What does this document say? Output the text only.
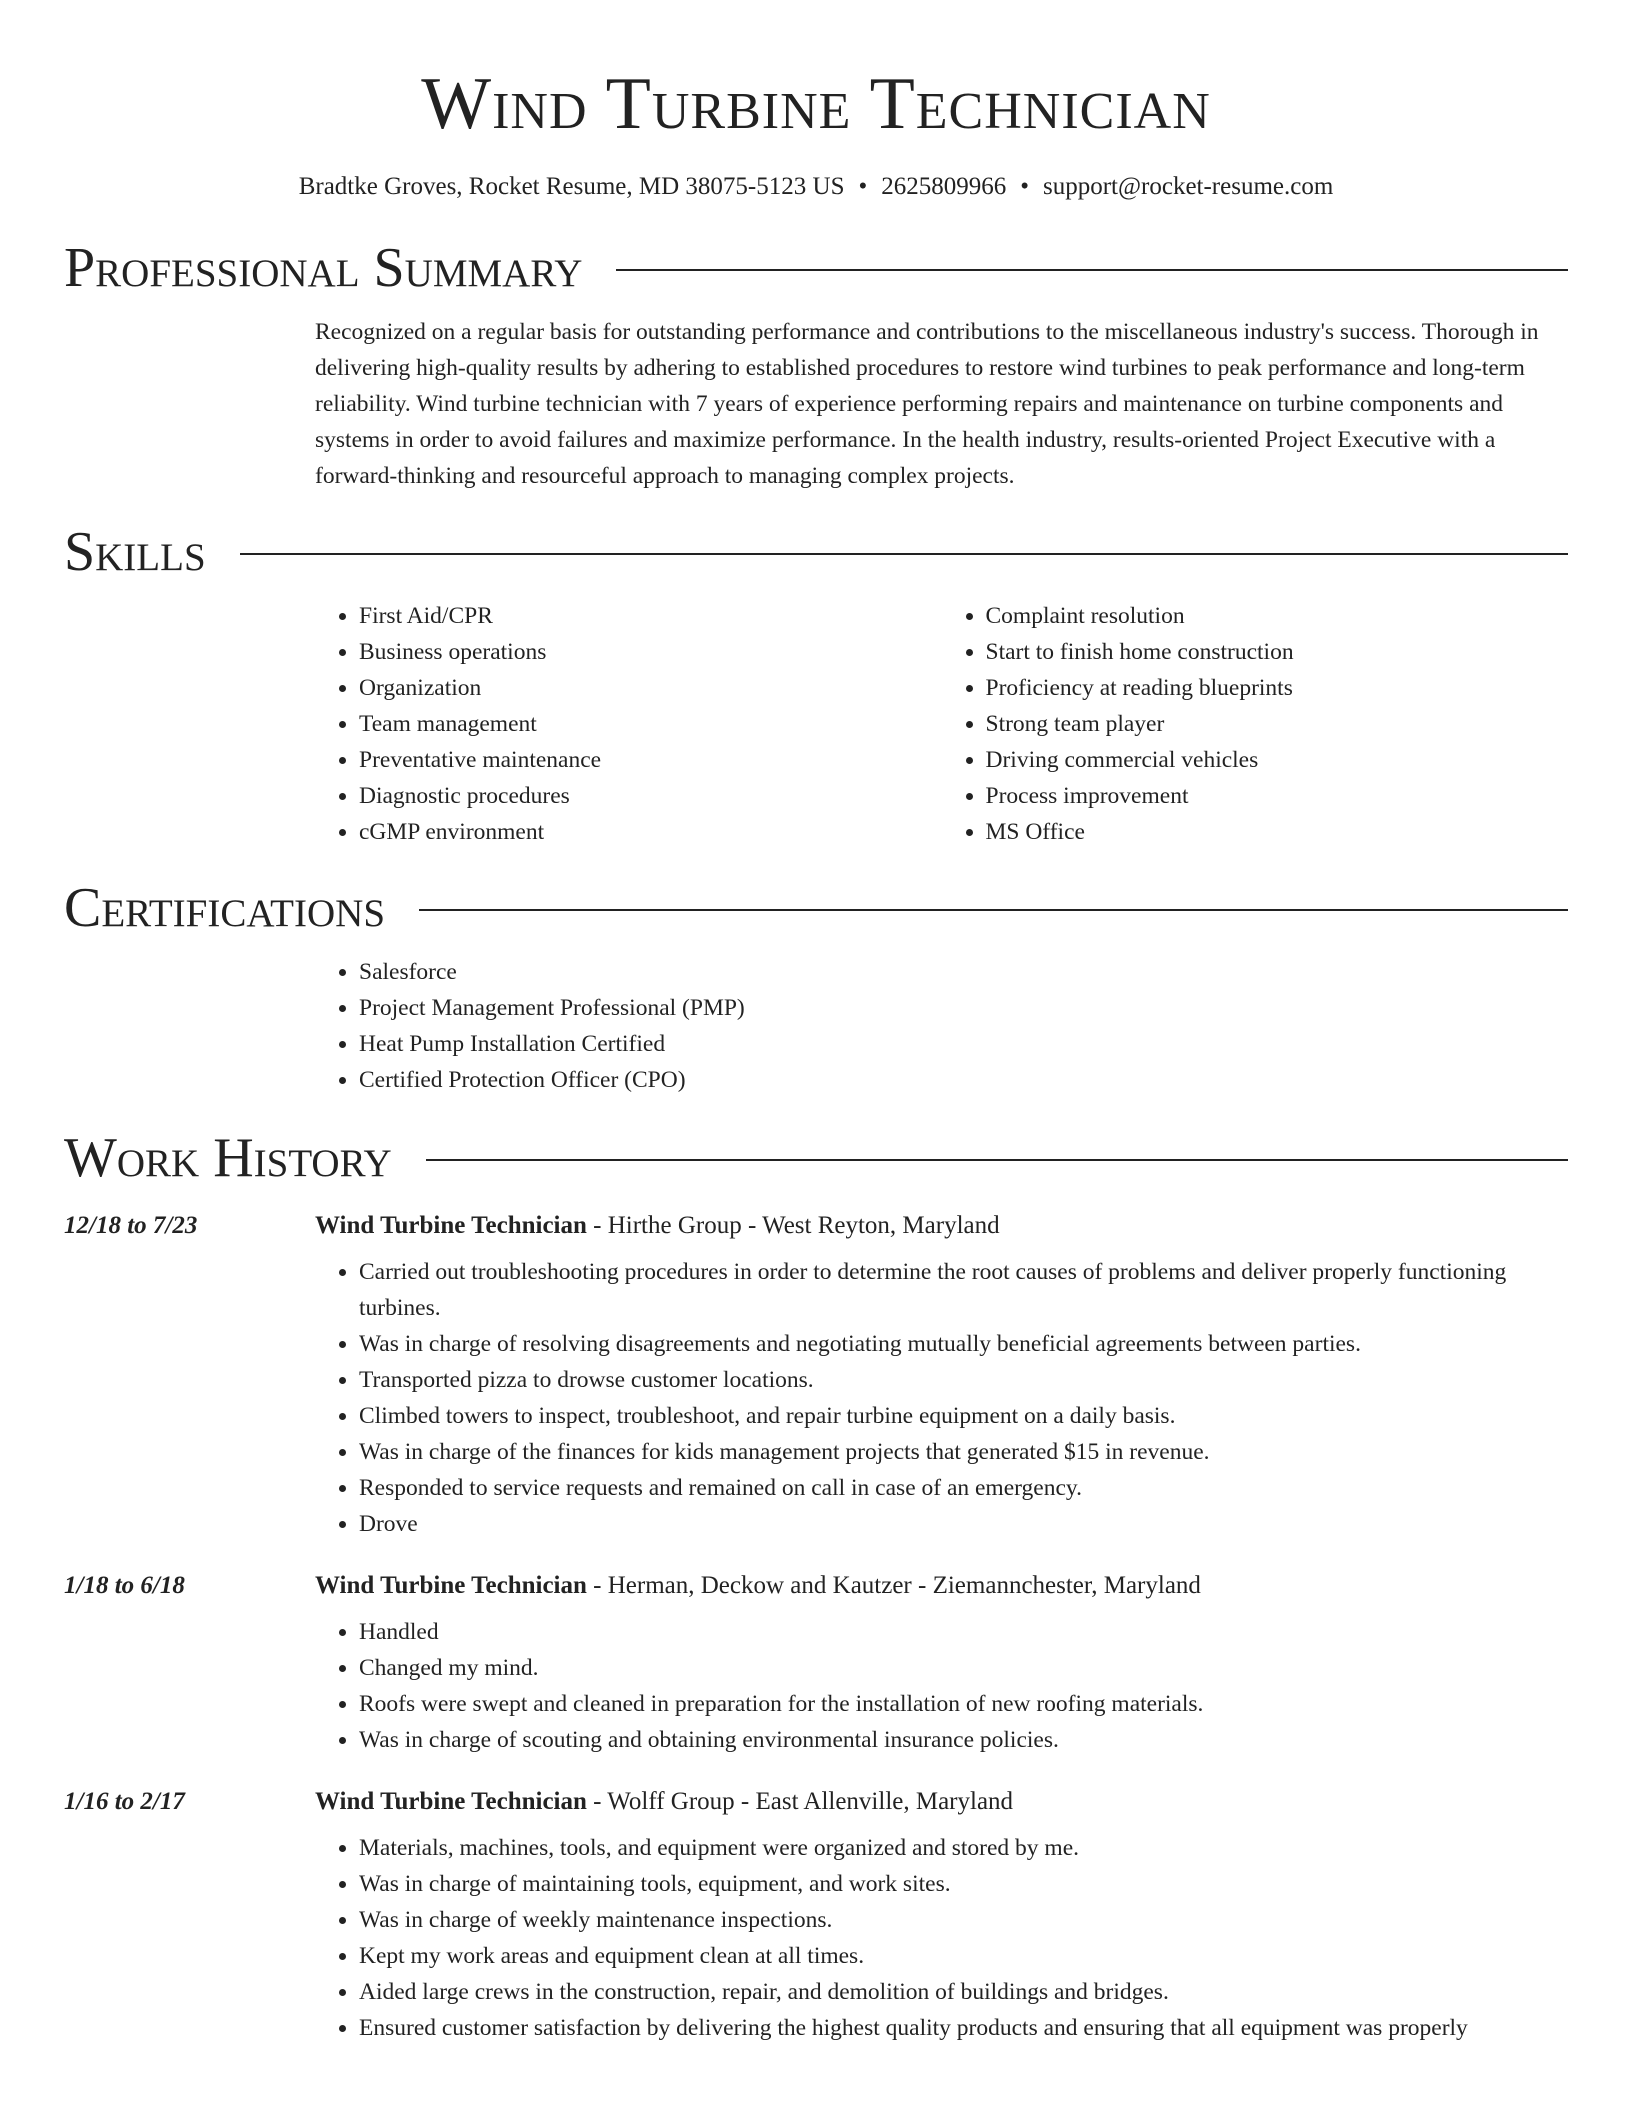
Wind Turbine Technician
Bradtke Groves, Rocket Resume, MD 38075-5123 US • 2625809966 • support@rocket-resume.com
Professional Summary

Recognized on a regular basis for outstanding performance and contributions to the miscellaneous industry's success. Thorough in delivering high-quality results by adhering to established procedures to restore wind turbines to peak performance and long-term reliability. Wind turbine technician with 7 years of experience performing repairs and maintenance on turbine components and systems in order to avoid failures and maximize performance. In the health industry, results-oriented Project Executive with a forward-thinking and resourceful approach to managing complex projects.

Skills
• First Aid/CPR
• Business operations
• Organization
• Team management
• Preventative maintenance
• Diagnostic procedures
• cGMP environment
• Complaint resolution
• Start to finish home construction
• Proficiency at reading blueprints
• Strong team player
• Driving commercial vehicles
• Process improvement
• MS Office
Certifications
• Salesforce
• Project Management Professional (PMP)
• Heat Pump Installation Certified
• Certified Protection Officer (CPO)
Work History
12/18 to 7/23	Wind Turbine Technician - Hirthe Group - West Reyton, Maryland
• Carried out troubleshooting procedures in order to determine the root causes of problems and deliver properly functioning turbines.
• Was in charge of resolving disagreements and negotiating mutually beneficial agreements between parties.
• Transported pizza to drowse customer locations.
• Climbed towers to inspect, troubleshoot, and repair turbine equipment on a daily basis.
• Was in charge of the finances for kids management projects that generated $15 in revenue.
• Responded to service requests and remained on call in case of an emergency.
• Drove
1/18 to 6/18	Wind Turbine Technician - Herman, Deckow and Kautzer - Ziemannchester, Maryland
• Handled
• Changed my mind.
• Roofs were swept and cleaned in preparation for the installation of new roofing materials.
• Was in charge of scouting and obtaining environmental insurance policies.
1/16 to 2/17	Wind Turbine Technician - Wolff Group - East Allenville, Maryland
• Materials, machines, tools, and equipment were organized and stored by me.
• Was in charge of maintaining tools, equipment, and work sites.
• Was in charge of weekly maintenance inspections.
• Kept my work areas and equipment clean at all times.
• Aided large crews in the construction, repair, and demolition of buildings and bridges.
• Ensured customer satisfaction by delivering the highest quality products and ensuring that all equipment was properly
